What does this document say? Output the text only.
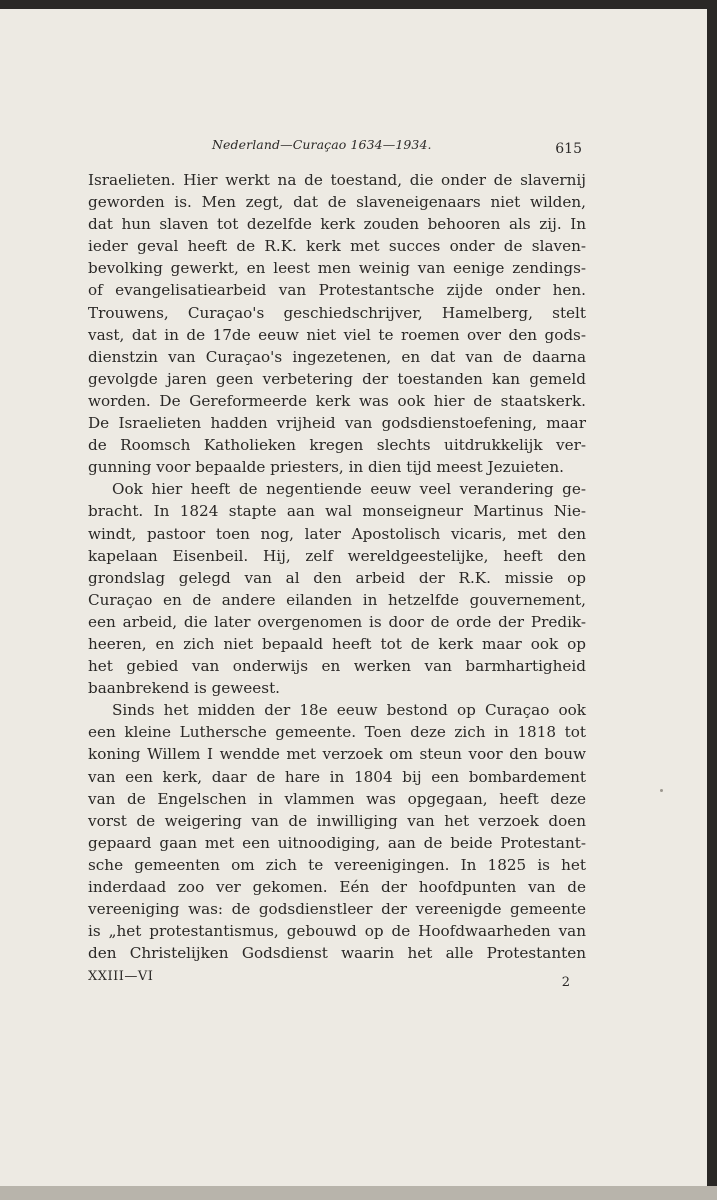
Nederland—Curaçao 1634—1934.	615
Israelieten. Hier werkt na de toestand, die onder de slavernij
geworden is. Men zegt, dat de slaveneigenaars niet wilden,
dat hun slaven tot dezelfde kerk zouden behooren als zij. In
ieder geval heeft de R.K. kerk met succes onder de slaven-
bevolking gewerkt, en leest men weinig van eenige zendings-
of evangelisatiearbeid van Protestantsche zijde onder hen.
Trouwens, Curaçao's geschiedschrijver, Hamelberg, stelt
vast, dat in de 17de eeuw niet viel te roemen over den gods-
dienstzin van Curaçao's ingezetenen, en dat van de daarna
gevolgde jaren geen verbetering der toestanden kan gemeld
worden. De Gereformeerde kerk was ook hier de staatskerk.
De Israelieten hadden vrijheid van godsdienstoefening, maar
de Roomsch Katholieken kregen slechts uitdrukkelijk ver-
gunning voor bepaalde priesters, in dien tijd meest Jezuieten.
Ook hier heeft de negentiende eeuw veel verandering ge-
bracht. In 1824 stapte aan wal monseigneur Martinus Nie-
windt, pastoor toen nog, later Apostolisch vicaris, met den
kapelaan Eisenbeil. Hij, zelf wereldgeestelijke, heeft den
grondslag gelegd van al den arbeid der R.K. missie op
Curaçao en de andere eilanden in hetzelfde gouvernement,
een arbeid, die later overgenomen is door de orde der Predik-
heeren, en zich niet bepaald heeft tot de kerk maar ook op
het gebied van onderwijs en werken van barmhartigheid
baanbrekend is geweest.
Sinds het midden der 18e eeuw bestond op Curaçao ook
een kleine Luthersche gemeente. Toen deze zich in 1818 tot
koning Willem I wendde met verzoek om steun voor den bouw
van een kerk, daar de hare in 1804 bij een bombardement
van de Engelschen in vlammen was opgegaan, heeft deze
vorst de weigering van de inwilliging van het verzoek doen
gepaard gaan met een uitnoodiging, aan de beide Protestant-
sche gemeenten om zich te vereenigingen. In 1825 is het
inderdaad zoo ver gekomen. Eén der hoofdpunten van de
vereeniging was: de godsdienstleer der vereenigde gemeente
is „het protestantismus, gebouwd op de Hoofdwaarheden van
den Christelijken Godsdienst waarin het alle Protestanten
XXIII—VI	2
